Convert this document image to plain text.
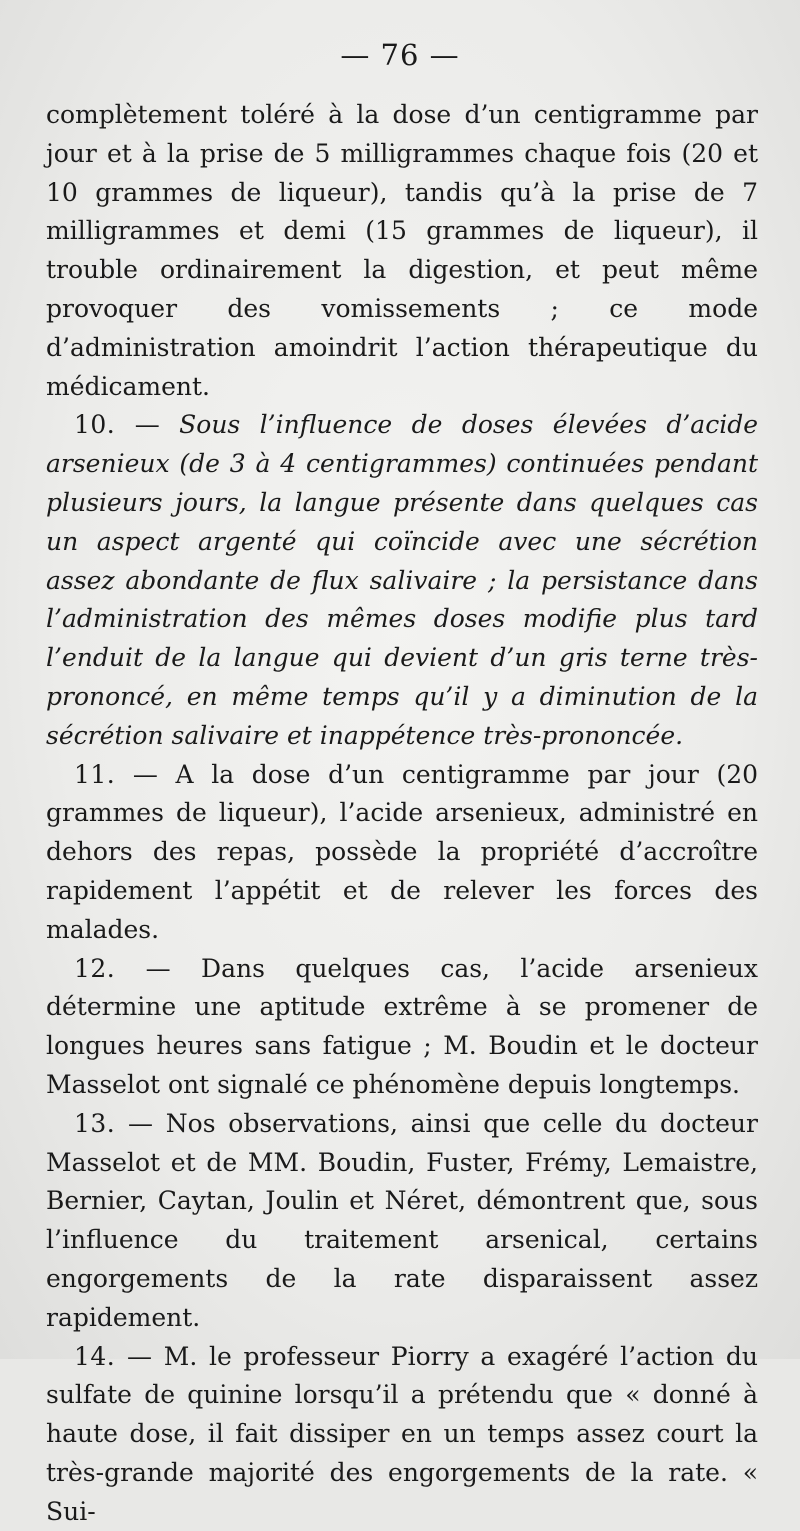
— 76 —

complètement toléré à la dose d’un centigramme par jour et à la prise de 5 milligrammes chaque fois (20 et 10 grammes de liqueur), tandis qu’à la prise de 7 milligrammes et demi (15 grammes de liqueur), il trouble ordinairement la digestion, et peut même provoquer des vomissements ; ce mode d’administration amoindrit l’action thérapeutique du médicament.

10. — Sous l’influence de doses élevées d’acide arsenieux (de 3 à 4 centigrammes) continuées pendant plusieurs jours, la langue présente dans quelques cas un aspect argenté qui coïncide avec une sécrétion assez abondante de flux salivaire ; la persistance dans l’administration des mêmes doses modifie plus tard l’enduit de la langue qui devient d’un gris terne très-prononcé, en même temps qu’il y a diminution de la sécrétion salivaire et inappétence très-prononcée.

11. — A la dose d’un centigramme par jour (20 grammes de liqueur), l’acide arsenieux, administré en dehors des repas, possède la propriété d’accroître rapidement l’appétit et de relever les forces des malades.

12. — Dans quelques cas, l’acide arsenieux détermine une aptitude extrême à se promener de longues heures sans fatigue ; M. Boudin et le docteur Masselot ont signalé ce phénomène depuis longtemps.

13. — Nos observations, ainsi que celle du docteur Masselot et de MM. Boudin, Fuster, Frémy, Lemaistre, Bernier, Caytan, Joulin et Néret, démontrent que, sous l’influence du traitement arsenical, certains engorgements de la rate disparaissent assez rapidement.

14. — M. le professeur Piorry a exagéré l’action du sulfate de quinine lorsqu’il a prétendu que « donné à haute dose, il fait dissiper en un temps assez court la très-grande majorité des engorgements de la rate. « Sui-
